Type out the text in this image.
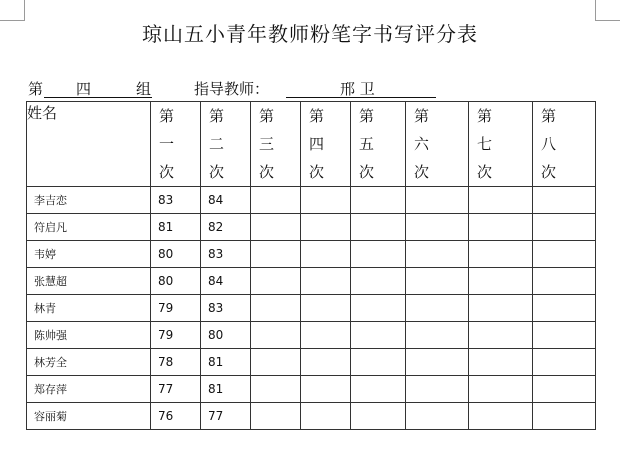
琼山五小青年教师粉笔字书写评分表
第 四	组	指导教师：	邢 卫
姓名	第
一
次	第
二
次	第
三
次	第
四
次	第
五
次	第
六
次	第
七
次	第
八
次

李吉恋	83	84						
符启凡	81	82						
韦婷	80	83						
张慧超	80	84						
林青	79	83						
陈帅强	79	80						
林芳全	78	81						
郑存萍	77	81						
容丽菊	76	77						
